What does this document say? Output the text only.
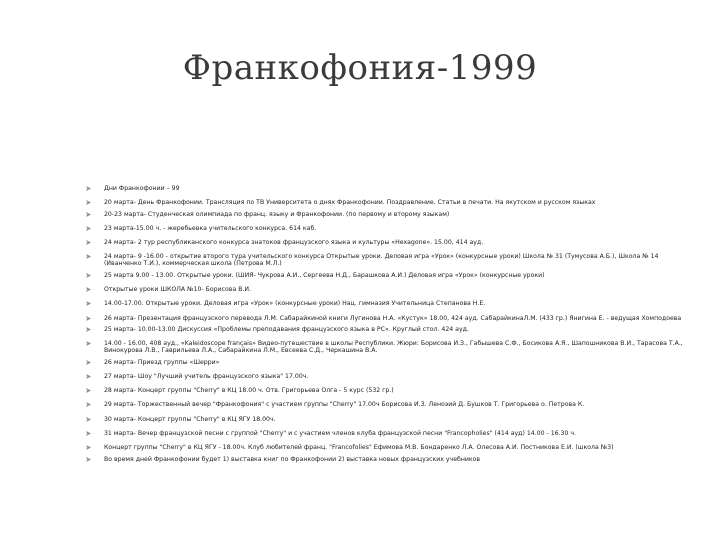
Франкофония-1999
Дни Франкофонии – 99
20 марта- День Франкофонии. Трансляция по ТВ Университета о днях Франкофонии. Поздравление. Статьи в печати. На якутском и русском языках
20-23 марта- Студенческая олимпиада по франц. языку и Франкофонии. (по первому и второму языкам)
23 марта-15.00 ч. - жеребьевка учительского конкурса. 614 каб.
24 марта- 2 тур республиканского конкурса знатоков французского языка и культуры «Hexagone». 15.00, 414 ауд.
24 марта- 9 -16.00 - открытие второго тура учительского конкурса Открытые уроки. Деловая игра «Урок» (конкурсные уроки) Школа № 31 (Тумусова А.Б.), Школа № 14 (Иванченко Т.И.), коммерческая школа (Петрова М.Л.)
25 марта 9.00 - 13.00. Открытые уроки. (ШИЯ- Чукрова А.И., Сергеева Н.Д., Барашкова А.И.) Деловая игра «Урок» (конкурсные уроки)
Открытые уроки ШКОЛА №10- Борисова В.И.
14.00-17.00. Открытые уроки. Деловая игра «Урок» (конкурсные уроки) Нац. гимназия Учительница Степанова Н.Е.
26 марта- Презентация французского перевода Л.М. Сабарайкиной книги Лугинова Н.А. «Кустук» 18.00, 424 ауд. СабарайкинаЛ.М. (433 гр.) Янигина Е. - ведущая Хомподоева
25 марта- 10.00-13.00 Дискуссия «Проблемы преподавания французского языка в РС». Круглый стол. 424 ауд.
14.00 - 16.00, 408 ауд., «Kaleidoscope français» Видео-путешествие в школы Республики. Жюри: Борисова И.З., Габышева С.Ф., Босикова А.Я., Шапошникова В.И., Тарасова Т.А., Винокурова Л.В., Гаврильева Л.А., Сабарайкина Л.М., Евсеева С.Д., Черкашина В.А.
26 марта- Приезд группы «Шерри»
27 марта- Шоу "Лучший учитель французского языка" 17.00ч.
28 марта- Концерт группы "Cherry" в КЦ 18.00 ч. Отв. Григорьева Олга - 5 курс (532 гр.)
29 марта- Торжественный вечер "Франкофония" с участием группы "Cherry" 17.00ч Борисова И.З. Леноэий Д. Бушков Т. Григорьева о. Петрова К.
30 марта- Концерт группы "Cherry" в КЦ ЯГУ 18.00ч.
31 марта- Вечер французской песни с группой "Cherry" и с участием членов клуба французской песни "Francopholies" (414 ауд) 14.00 - 16.30 ч.
Концерт группы "Cherry" в КЦ ЯГУ - 18.00ч. Клуб любителей франц. "Francofolies" Ефимова М.В. Бондаренко Л.А. Олесова А.И. Постникова Е.И. (школа №3)
Во время дней Франкофонии будет 1) выставка книг по Франкофонии 2) выставка новых французских учебников
